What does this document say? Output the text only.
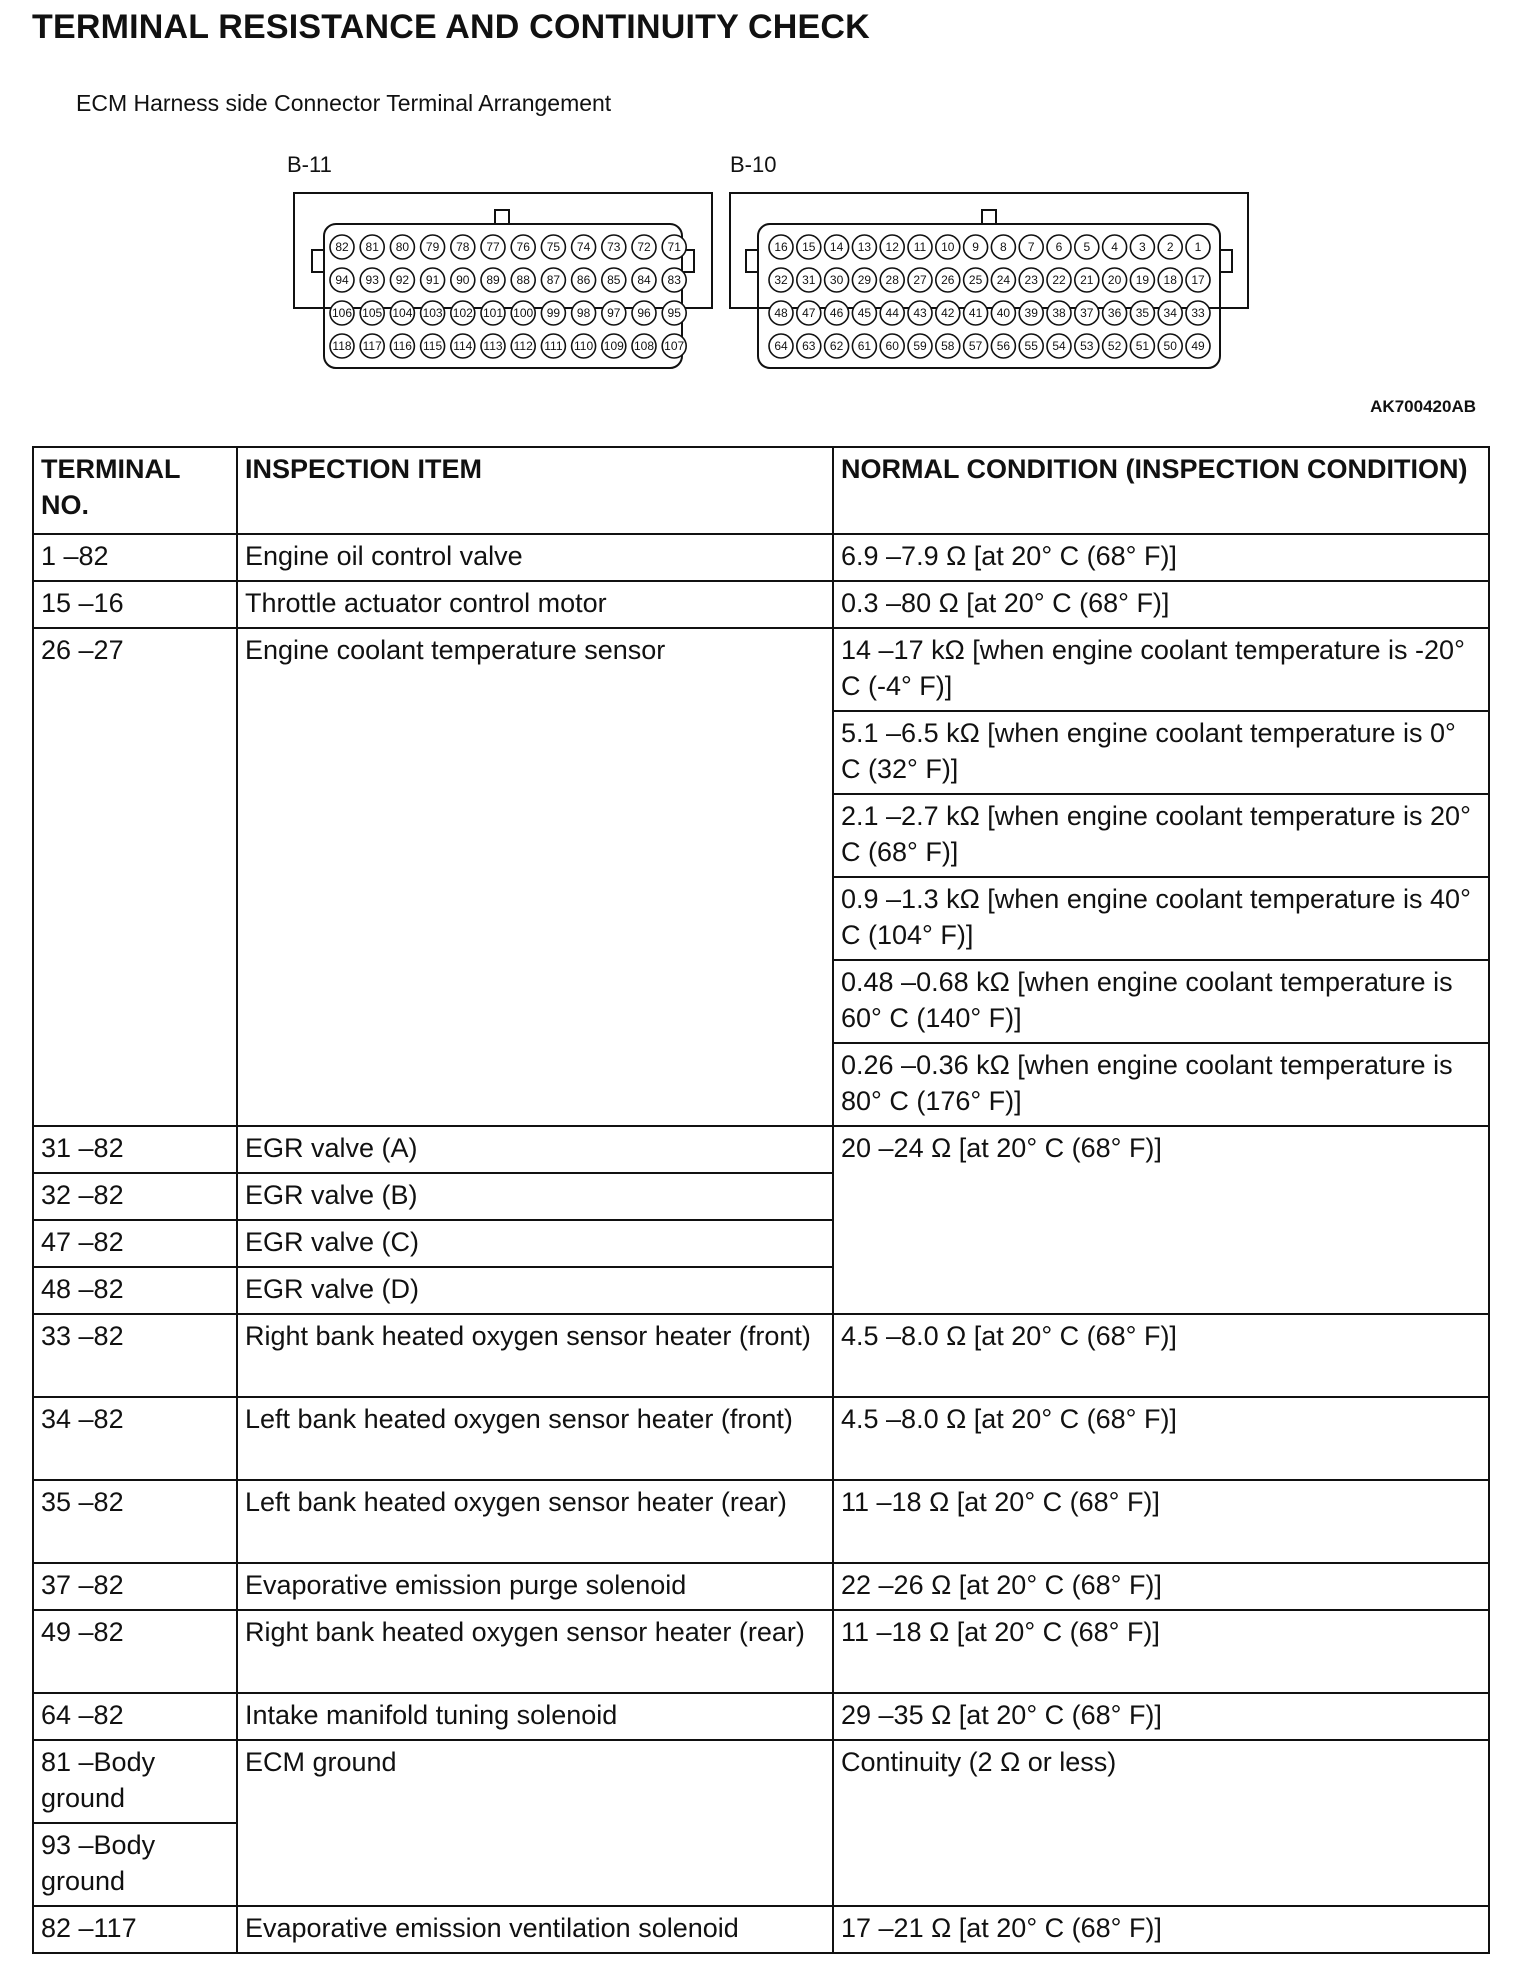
TERMINAL RESISTANCE AND CONTINUITY CHECK
ECM Harness side Connector Terminal Arrangement
B-11	B-10
82 81 80 79 78 77 76 75 74 73 72 71
94 93 92 91 90 89 88 87 86 85 84 83
106 105 104 103 102 101 100 99 98 97 96 95
118 117 116 115 114 113 112 111 110 109 108 107
16 15 14 13 12 11 10 9 8 7 6 5 4 3 2 1
32 31 30 29 28 27 26 25 24 23 22 21 20 19 18 17
48 47 46 45 44 43 42 41 40 39 38 37 36 35 34 33
64 63 62 61 60 59 58 57 56 55 54 53 52 51 50 49
AK700420AB
TERMINAL NO.	INSPECTION ITEM	NORMAL CONDITION (INSPECTION CONDITION)
1 –82	Engine oil control valve	6.9 –7.9 Ω [at 20° C (68° F)]
15 –16	Throttle actuator control motor	0.3 –80 Ω [at 20° C (68° F)]
26 –27	Engine coolant temperature sensor	14 –17 kΩ [when engine coolant temperature is -20° C (-4° F)]
		5.1 –6.5 kΩ [when engine coolant temperature is 0° C (32° F)]
		2.1 –2.7 kΩ [when engine coolant temperature is 20° C (68° F)]
		0.9 –1.3 kΩ [when engine coolant temperature is 40° C (104° F)]
		0.48 –0.68 kΩ [when engine coolant temperature is 60° C (140° F)]
		0.26 –0.36 kΩ [when engine coolant temperature is 80° C (176° F)]
31 –82	EGR valve (A)	20 –24 Ω [at 20° C (68° F)]
32 –82	EGR valve (B)	
47 –82	EGR valve (C)	
48 –82	EGR valve (D)	
33 –82	Right bank heated oxygen sensor heater (front)	4.5 –8.0 Ω [at 20° C (68° F)]
34 –82	Left bank heated oxygen sensor heater (front)	4.5 –8.0 Ω [at 20° C (68° F)]
35 –82	Left bank heated oxygen sensor heater (rear)	11 –18 Ω [at 20° C (68° F)]
37 –82	Evaporative emission purge solenoid	22 –26 Ω [at 20° C (68° F)]
49 –82	Right bank heated oxygen sensor heater (rear)	11 –18 Ω [at 20° C (68° F)]
64 –82	Intake manifold tuning solenoid	29 –35 Ω [at 20° C (68° F)]
81 –Body ground	ECM ground	Continuity (2 Ω or less)
93 –Body ground		
82 –117	Evaporative emission ventilation solenoid	17 –21 Ω [at 20° C (68° F)]
